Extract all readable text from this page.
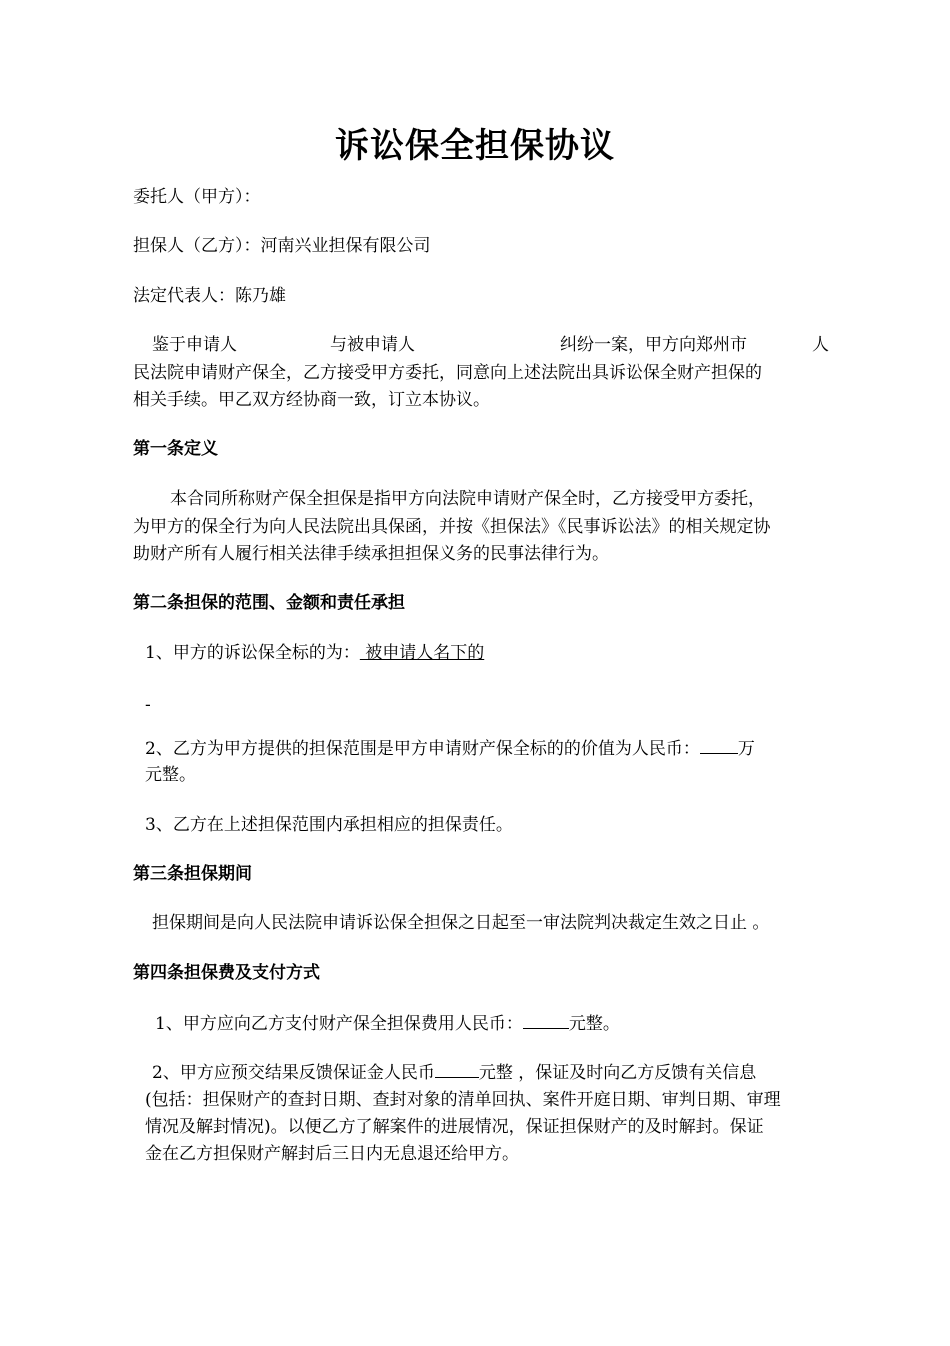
诉讼保全担保协议
委托人（甲方）：
担保人（乙方）：河南兴业担保有限公司
法定代表人：陈乃雄
鉴于申请人	与被申请人	纠纷一案，甲方向郑州市	人
民法院申请财产保全，乙方接受甲方委托，同意向上述法院出具诉讼保全财产担保的
相关手续。甲乙双方经协商一致，订立本协议。
第一条定义
本合同所称财产保全担保是指甲方向法院申请财产保全时，乙方接受甲方委托，
为甲方的保全行为向人民法院出具保函，并按《担保法》《民事诉讼法》的相关规定协
助财产所有人履行相关法律手续承担担保义务的民事法律行为。
第二条担保的范围、金额和责任承担
1、甲方的诉讼保全标的为： 被申请人名下的
-
2、乙方为甲方提供的担保范围是甲方申请财产保全标的的价值为人民币： 万
元整。
3、乙方在上述担保范围内承担相应的担保责任。
第三条担保期间
担保期间是向人民法院申请诉讼保全担保之日起至一审法院判决裁定生效之日止 。
第四条担保费及支付方式
1、甲方应向乙方支付财产保全担保费用人民币：	元整。
2、甲方应预交结果反馈保证金人民币	元整 ，保证及时向乙方反馈有关信息
(包括：担保财产的查封日期、查封对象的清单回执、案件开庭日期、审判日期、审理
情况及解封情况)。以便乙方了解案件的进展情况，保证担保财产的及时解封。保证
金在乙方担保财产解封后三日内无息退还给甲方。
